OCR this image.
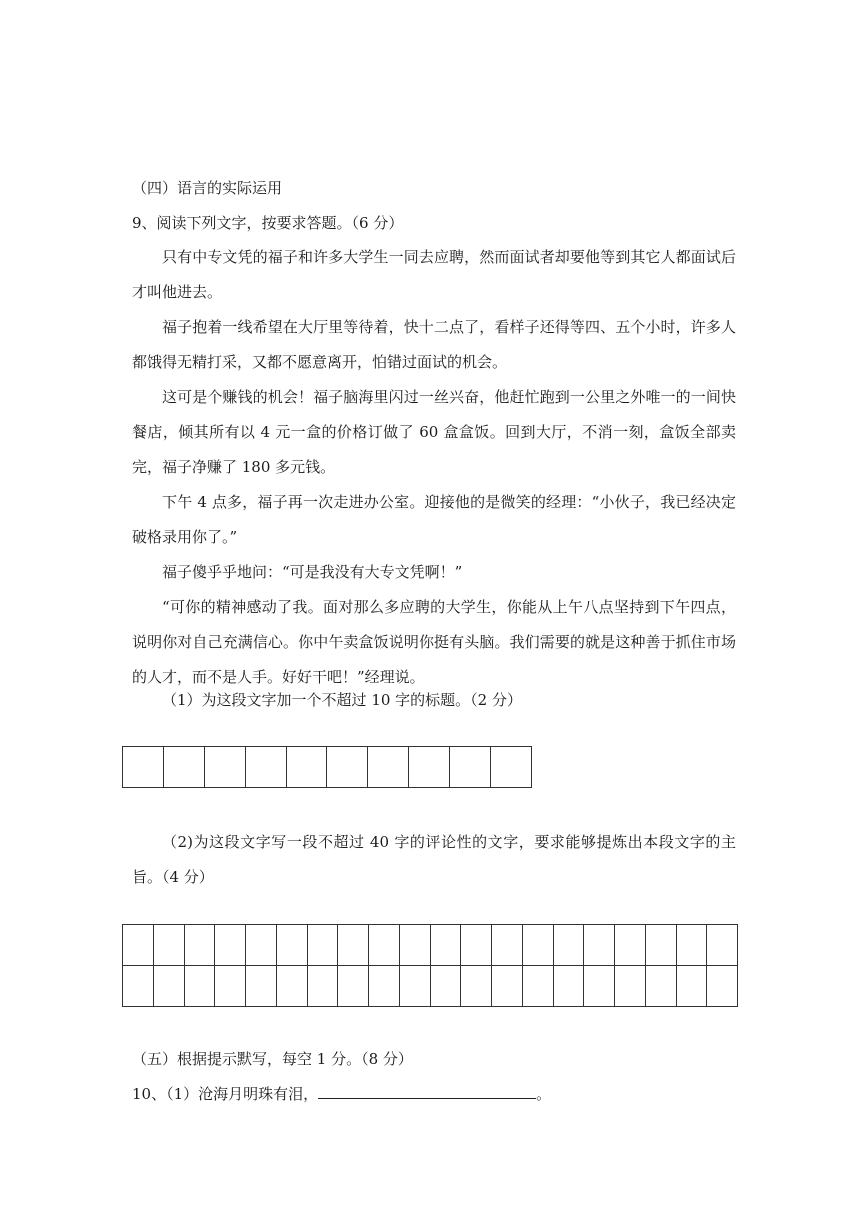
（四）语言的实际运用
9、阅读下列文字，按要求答题。（6 分）
只有中专文凭的福子和许多大学生一同去应聘，然而面试者却要他等到其它人都面试后才叫他进去。
福子抱着一线希望在大厅里等待着，快十二点了，看样子还得等四、五个小时，许多人都饿得无精打采，又都不愿意离开，怕错过面试的机会。
这可是个赚钱的机会！福子脑海里闪过一丝兴奋，他赶忙跑到一公里之外唯一的一间快餐店，倾其所有以 4 元一盒的价格订做了 60 盒盒饭。回到大厅，不消一刻，盒饭全部卖完，福子净赚了 180 多元钱。
下午 4 点多，福子再一次走进办公室。迎接他的是微笑的经理：“小伙子，我已经决定破格录用你了。”
福子傻乎乎地问：“可是我没有大专文凭啊！”
“可你的精神感动了我。面对那么多应聘的大学生，你能从上午八点坚持到下午四点，说明你对自己充满信心。你中午卖盒饭说明你挺有头脑。我们需要的就是这种善于抓住市场的人才，而不是人手。好好干吧！”经理说。
（1）为这段文字加一个不超过 10 字的标题。（2 分）

（2)为这段文字写一段不超过 40 字的评论性的文字，要求能够提炼出本段文字的主旨。（4 分）

（五）根据提示默写，每空 1 分。（8 分）
10、（1）沧海月明珠有泪，	。
